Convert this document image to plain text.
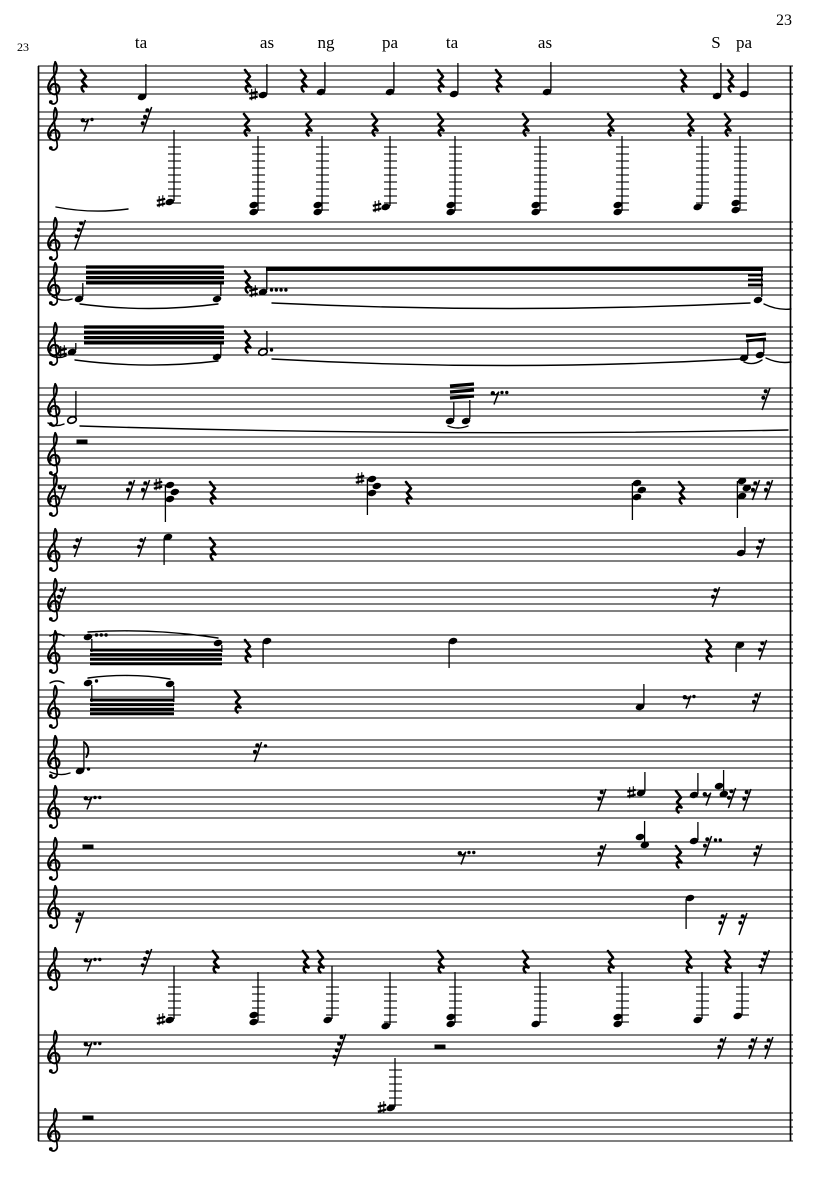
23
23	ta	as	ng	pa	ta	as	S pa
